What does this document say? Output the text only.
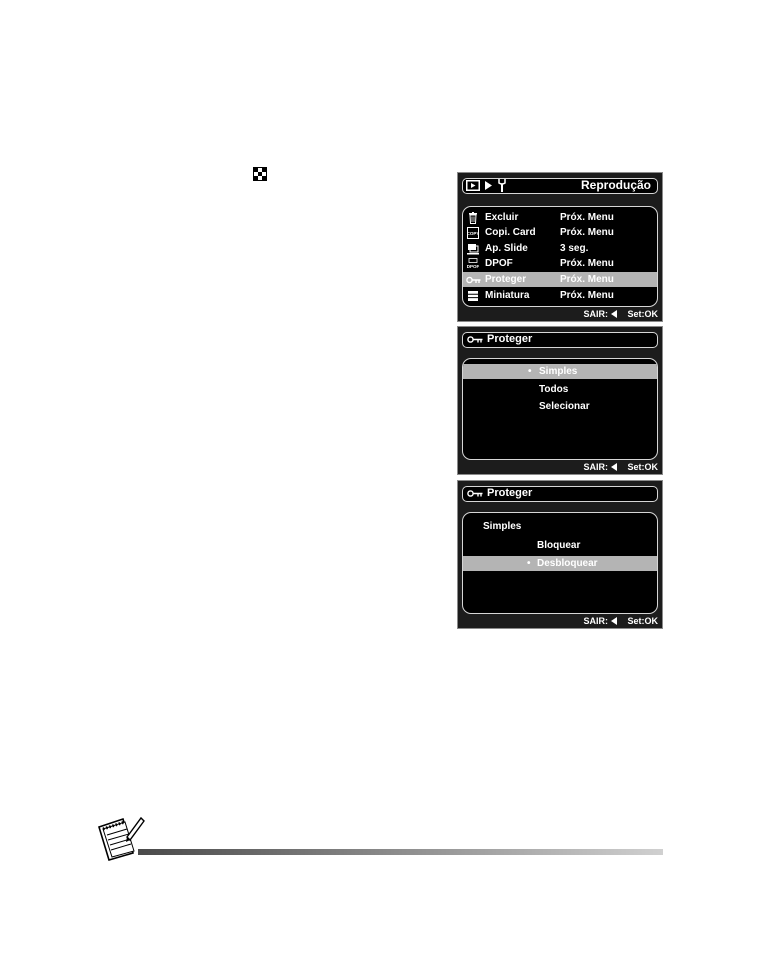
Reprodução
Excluir	Próx. Menu
COPY Copi. Card Próx. Menu
Ap. Slide	3 seg.
DPOF DPOF	Próx. Menu
Proteger	Próx. Menu
Miniatura	Próx. Menu
SAIR: Set:OK
Proteger
• Simples
Todos
Selecionar
SAIR: Set:OK
Proteger
Simples
Bloquear
• Desbloquear
SAIR: Set:OK
